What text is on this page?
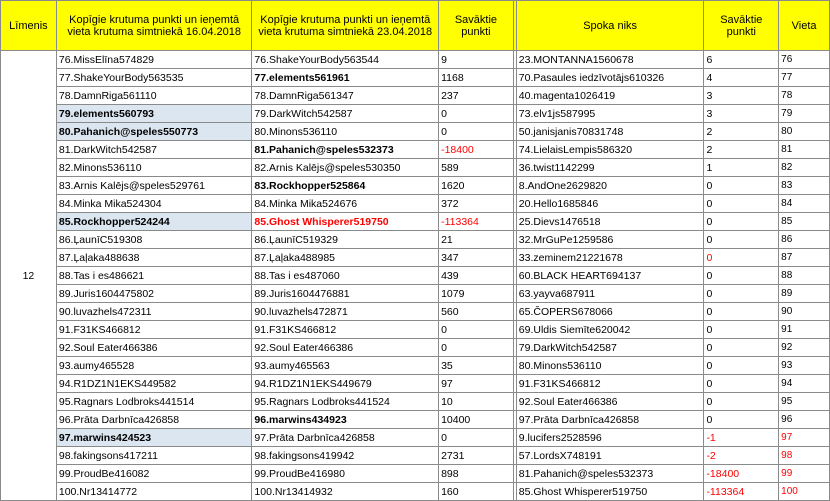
Līmenis	Kopīgie krutuma punkti un ieņemtā vieta krutuma simtniekā 16.04.2018	Kopīgie krutuma punkti un ieņemtā vieta krutuma simtniekā 23.04.2018	Savāktie punkti		Spoka niks	Savāktie punkti	Vieta
12	76.MissElīna574829	76.ShakeYourBody563544	9		23.MONTANNA1560678	6	76
	77.ShakeYourBody563535	77.elements561961	1168		70.Pasaules iedzīvotājs610326	4	77
	78.DamnRiga561110	78.DamnRiga561347	237		40.magenta1026419	3	78
	79.elements560793	79.DarkWitch542587	0		73.elv1js587995	3	79
	80.Pahanich@speles550773	80.Minons536110	0		50.janisjanis70831748	2	80
	81.DarkWitch542587	81.Pahanich@speles532373	-18400		74.LielaisLempis586320	2	81
	82.Minons536110	82.Arnis Kalējs@speles530350	589		36.twist1142299	1	82
	83.Arnis Kalējs@speles529761	83.Rockhopper525864	1620		8.AndOne2629820	0	83
	84.Minka Mika524304	84.Minka Mika524676	372		20.Hello1685846	0	84
	85.Rockhopper524244	85.Ghost Whisperer519750	-113364		25.Dievs1476518	0	85
	86.ĻaunīC519308	86.ĻaunīC519329	21		32.MrGuPe1259586	0	86
	87.Ļaļaka488638	87.Ļaļaka488985	347		33.zeminem21221678	0	87
	88.Tas i es486621	88.Tas i es487060	439		60.BLACK HEART694137	0	88
	89.Juris1604475802	89.Juris1604476881	1079		63.yayva687911	0	89
	90.luvazhels472311	90.luvazhels472871	560		65.ČOPERS678066	0	90
	91.F31KS466812	91.F31KS466812	0		69.Uldis Siemīte620042	0	91
	92.Soul Eater466386	92.Soul Eater466386	0		79.DarkWitch542587	0	92
	93.aumy465528	93.aumy465563	35		80.Minons536110	0	93
	94.R1DZ1N1EKS449582	94.R1DZ1N1EKS449679	97		91.F31KS466812	0	94
	95.Ragnars Lodbroks441514	95.Ragnars Lodbroks441524	10		92.Soul Eater466386	0	95
	96.Prāta Darbnīca426858	96.marwins434923	10400		97.Prāta Darbnīca426858	0	96
	97.marwins424523	97.Prāta Darbnīca426858	0		9.lucifers2528596	-1	97
	98.fakingsons417211	98.fakingsons419942	2731		57.LordsX748191	-2	98
	99.ProudBe416082	99.ProudBe416980	898		81.Pahanich@speles532373	-18400	99
	100.Nr13414772	100.Nr13414932	160		85.Ghost Whisperer519750	-113364	100
